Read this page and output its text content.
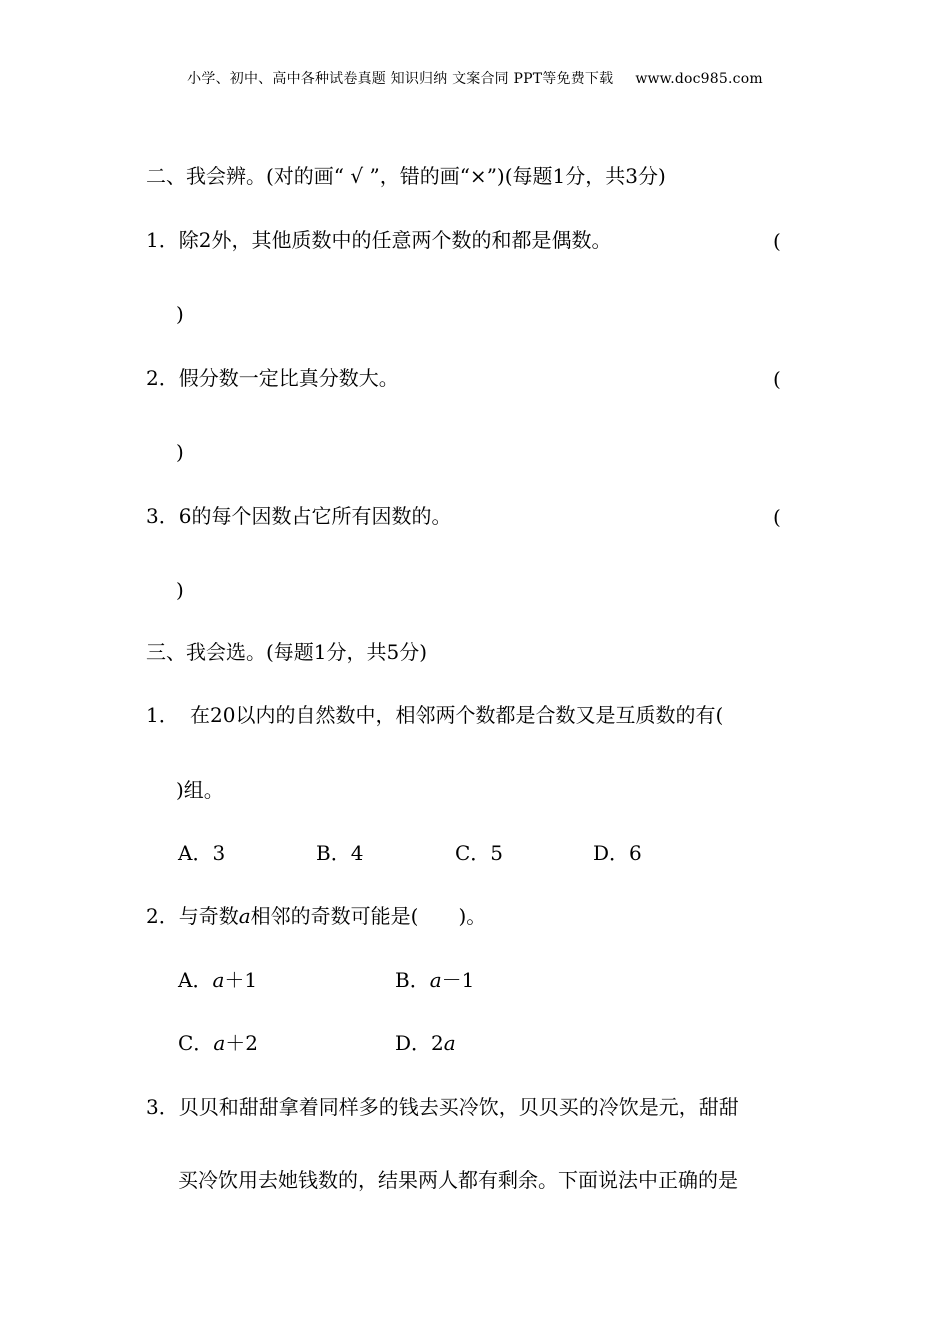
小学、初中、高中各种试卷真题 知识归纳 文案合同 PPT等免费下载 www.doc985.com
二、我会辨。(对的画“ √ ”，错的画“×”)(每题1分，共3分)
1．除2外，其他质数中的任意两个数的和都是偶数。	(
)
2．假分数一定比真分数大。	(
)
3．6的每个因数占它所有因数的。	(
)
三、我会选。(每题1分，共5分)
1． 在20以内的自然数中，相邻两个数都是合数又是互质数的有(
)组。
A．3	B．4	C．5	D．6
2．与奇数a相邻的奇数可能是(　　)。
A．a＋1	B．a－1
C．a＋2	D．2a
3．贝贝和甜甜拿着同样多的钱去买冷饮，贝贝买的冷饮是元，甜甜
买冷饮用去她钱数的，结果两人都有剩余。下面说法中正确的是
